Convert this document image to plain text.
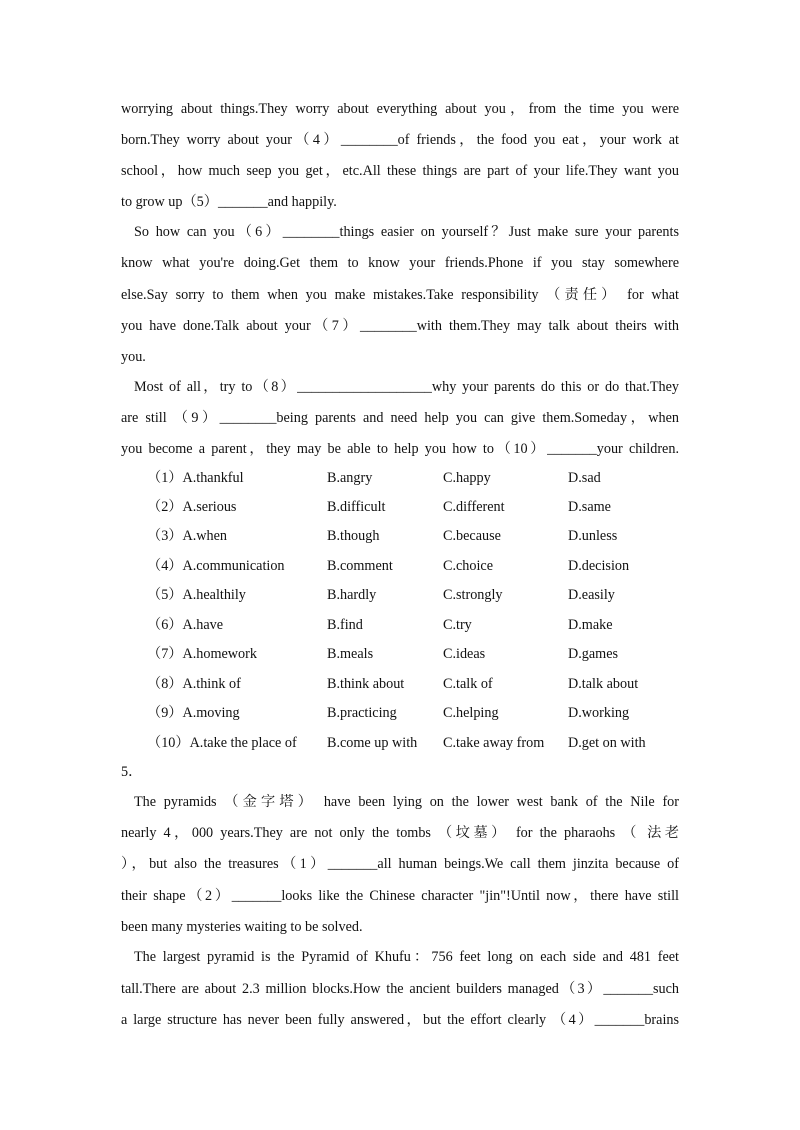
worrying about things.They worry about everything about you，from the time you were
born.They worry about your（4）________of friends，the food you eat，your work at
school，how much seep you get，etc.All these things are part of your life.They want you
to grow up（5）_______and happily.
So how can you（6）________things easier on yourself？Just make sure your parents
know what you're doing.Get them to know your friends.Phone if you stay somewhere
else.Say sorry to them when you make mistakes.Take responsibility （责任） for what
you have done.Talk about your（7）________with them.They may talk about theirs with
you.
Most of all，try to（8）___________________why your parents do this or do that.They
are still （9）________being parents and need help you can give them.Someday，when
you become a parent，they may be able to help you how to（10）_______your children.
（1）A.thankful	B.angry	C.happy	D.sad
（2）A.serious	B.difficult	C.different	D.same
（3）A.when	B.though	C.because	D.unless
（4）A.communication	B.comment	C.choice	D.decision
（5）A.healthily	B.hardly	C.strongly	D.easily
（6）A.have	B.find	C.try	D.make
（7）A.homework	B.meals	C.ideas	D.games
（8）A.think of	B.think about	C.talk of	D.talk about
（9）A.moving	B.practicing	C.helping	D.working
（10）A.take the place of B.come up with C.take away from D.get on with
5．
The pyramids （金字塔） have been lying on the lower west bank of the Nile for
nearly 4，000 years.They are not only the tombs （坟墓） for the pharaohs （ 法老
），but also the treasures（1）_______all human beings.We call them jinzita because of
their shape（2）_______looks like the Chinese character "jin"!Until now，there have still
been many mysteries waiting to be solved.
The largest pyramid is the Pyramid of Khufu：756 feet long on each side and 481 feet
tall.There are about 2.3 million blocks.How the ancient builders managed（3）_______such
a large structure has never been fully answered，but the effort clearly （4）_______brains
